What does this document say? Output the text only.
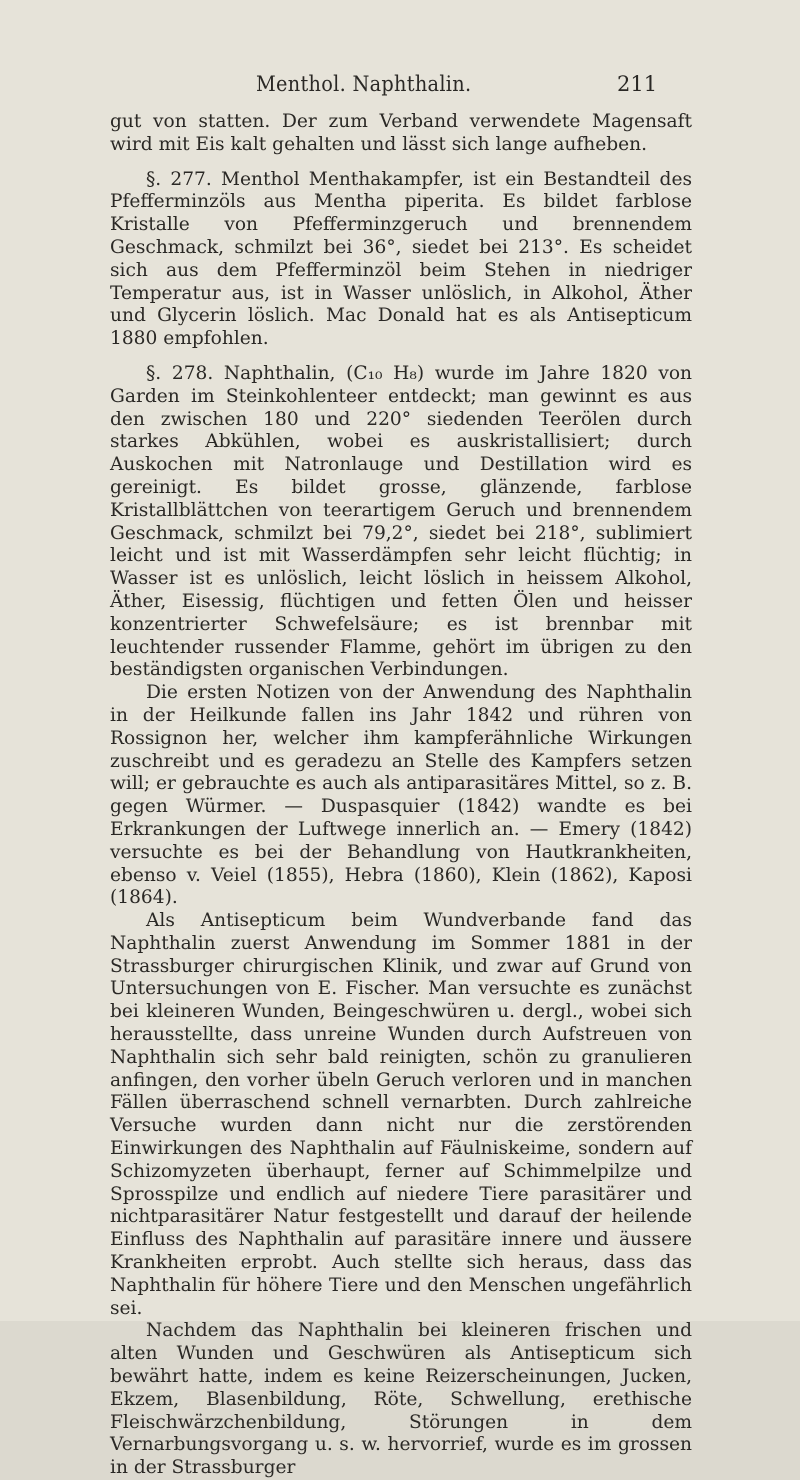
Menthol. Naphthalin.	211

gut von statten. Der zum Verband verwendete Magensaft wird mit Eis kalt gehalten und lässt sich lange aufheben.

§. 277. Menthol Menthakampfer, ist ein Bestandteil des Pfefferminzöls aus Mentha piperita. Es bildet farblose Kristalle von Pfefferminzgeruch und brennendem Geschmack, schmilzt bei 36°, siedet bei 213°. Es scheidet sich aus dem Pfefferminzöl beim Stehen in niedriger Temperatur aus, ist in Wasser unlöslich, in Alkohol, Äther und Glycerin löslich. Mac Donald hat es als Antisepticum 1880 empfohlen.

§. 278. Naphthalin, (C₁₀ H₈) wurde im Jahre 1820 von Garden im Steinkohlenteer entdeckt; man gewinnt es aus den zwischen 180 und 220° siedenden Teerölen durch starkes Abkühlen, wobei es auskristallisiert; durch Auskochen mit Natronlauge und Destillation wird es gereinigt. Es bildet grosse, glänzende, farblose Kristallblättchen von teerartigem Geruch und brennendem Geschmack, schmilzt bei 79,2°, siedet bei 218°, sublimiert leicht und ist mit Wasserdämpfen sehr leicht flüchtig; in Wasser ist es unlöslich, leicht löslich in heissem Alkohol, Äther, Eisessig, flüchtigen und fetten Ölen und heisser konzentrierter Schwefelsäure; es ist brennbar mit leuchtender russender Flamme, gehört im übrigen zu den beständigsten organischen Verbindungen.

Die ersten Notizen von der Anwendung des Naphthalin in der Heilkunde fallen ins Jahr 1842 und rühren von Rossignon her, welcher ihm kampferähnliche Wirkungen zuschreibt und es geradezu an Stelle des Kampfers setzen will; er gebrauchte es auch als antiparasitäres Mittel, so z. B. gegen Würmer. — Duspasquier (1842) wandte es bei Erkrankungen der Luftwege innerlich an. — Emery (1842) versuchte es bei der Behandlung von Hautkrankheiten, ebenso v. Veiel (1855), Hebra (1860), Klein (1862), Kaposi (1864).

Als Antisepticum beim Wundverbande fand das Naphthalin zuerst Anwendung im Sommer 1881 in der Strassburger chirurgischen Klinik, und zwar auf Grund von Untersuchungen von E. Fischer. Man versuchte es zunächst bei kleineren Wunden, Beingeschwüren u. dergl., wobei sich herausstellte, dass unreine Wunden durch Aufstreuen von Naphthalin sich sehr bald reinigten, schön zu granulieren anfingen, den vorher übeln Geruch verloren und in manchen Fällen überraschend schnell vernarbten. Durch zahlreiche Versuche wurden dann nicht nur die zerstörenden Einwirkungen des Naphthalin auf Fäulniskeime, sondern auf Schizomyzeten überhaupt, ferner auf Schimmelpilze und Sprosspilze und endlich auf niedere Tiere parasitärer und nichtparasitärer Natur festgestellt und darauf der heilende Einfluss des Naphthalin auf parasitäre innere und äussere Krankheiten erprobt. Auch stellte sich heraus, dass das Naphthalin für höhere Tiere und den Menschen ungefährlich sei.

Nachdem das Naphthalin bei kleineren frischen und alten Wunden und Geschwüren als Antisepticum sich bewährt hatte, indem es keine Reizerscheinungen, Jucken, Ekzem, Blasenbildung, Röte, Schwellung, erethische Fleischwärzchenbildung, Störungen in dem Vernarbungsvorgang u. s. w. hervorrief, wurde es im grossen in der Strassburger
